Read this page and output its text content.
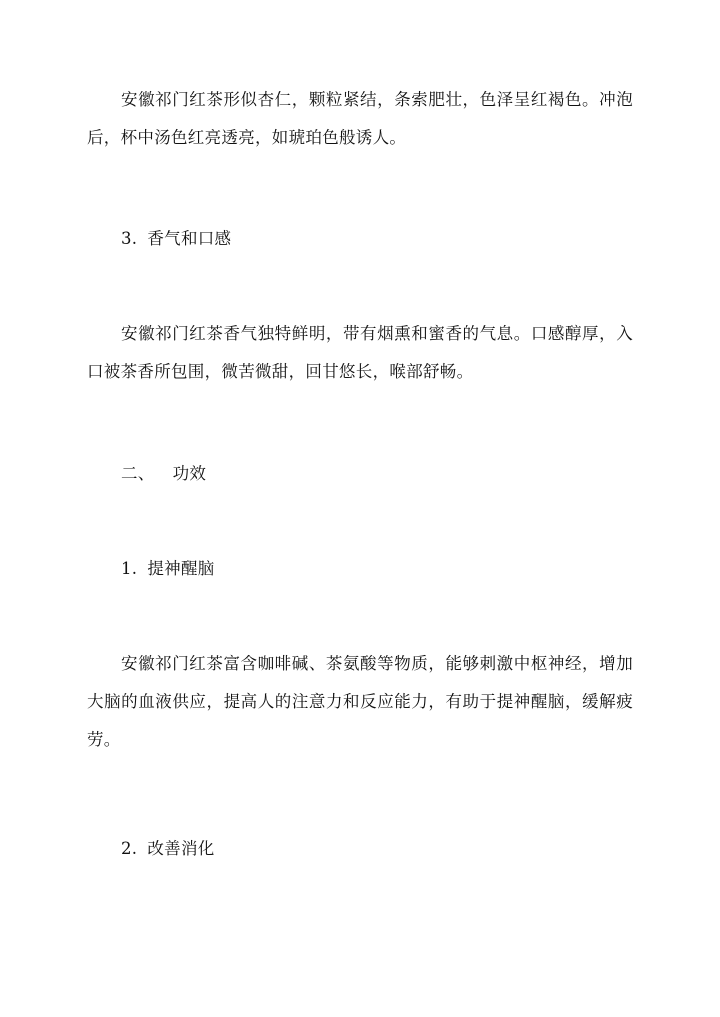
安徽祁门红茶形似杏仁，颗粒紧结，条索肥壮，色泽呈红褐色。冲泡后，杯中汤色红亮透亮，如琥珀色般诱人。

3. 香气和口感

安徽祁门红茶香气独特鲜明，带有烟熏和蜜香的气息。口感醇厚，入口被茶香所包围，微苦微甜，回甘悠长，喉部舒畅。

二、 功效
1. 提神醒脑

安徽祁门红茶富含咖啡碱、茶氨酸等物质，能够刺激中枢神经，增加大脑的血液供应，提高人的注意力和反应能力，有助于提神醒脑，缓解疲劳。

2. 改善消化
